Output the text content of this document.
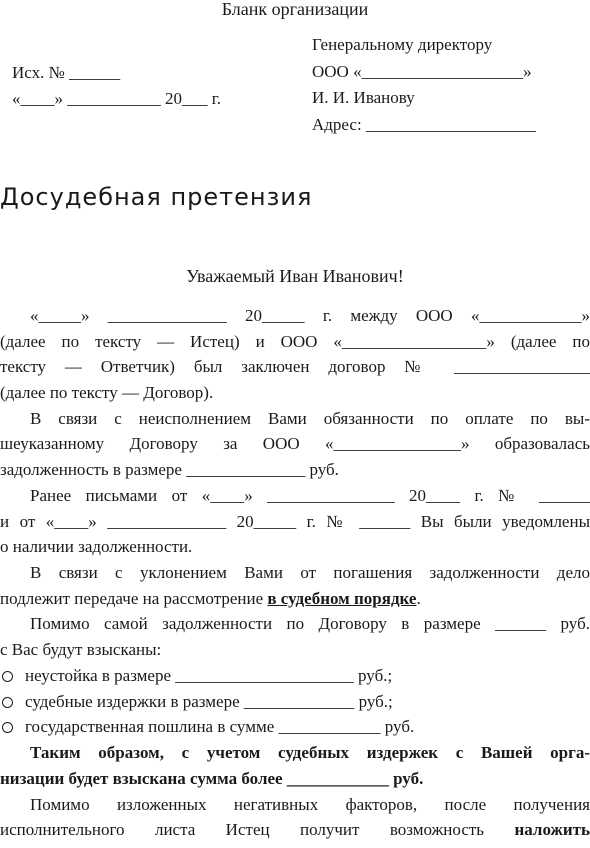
Бланк организации
Исх. № ______
«____» ___________ 20___ г.
Генеральному директору
ООО «___________________»
И. И. Иванову
Адрес: ____________________
Досудебная претензия
Уважаемый Иван Иванович!
«_____» ______________ 20_____ г. между ООО «____________»
(далее по тексту — Истец) и ООО «_________________» (далее по
тексту — Ответчик) был заключен договор № ________________
(далее по тексту — Договор).
В связи с неисполнением Вами обязанности по оплате по вы-
шеуказанному Договору за ООО «_______________» образовалась
задолженность в размере ______________ руб.
Ранее письмами от «____» _______________ 20____ г. № ______
и от «____» ______________ 20_____ г. № ______ Вы были уведомлены
о наличии задолженности.
В связи с уклонением Вами от погашения задолженности дело
подлежит передаче на рассмотрение в судебном порядке.
Помимо самой задолженности по Договору в размере ______ руб.
с Вас будут взысканы:
неустойка в размере _____________________ руб.;
судебные издержки в размере _____________ руб.;
государственная пошлина в сумме ____________ руб.
Таким образом, с учетом судебных издержек с Вашей орга-
низации будет взыскана сумма более ____________ руб.
Помимо изложенных негативных факторов, после получения
исполнительного листа Истец получит возможность наложить
